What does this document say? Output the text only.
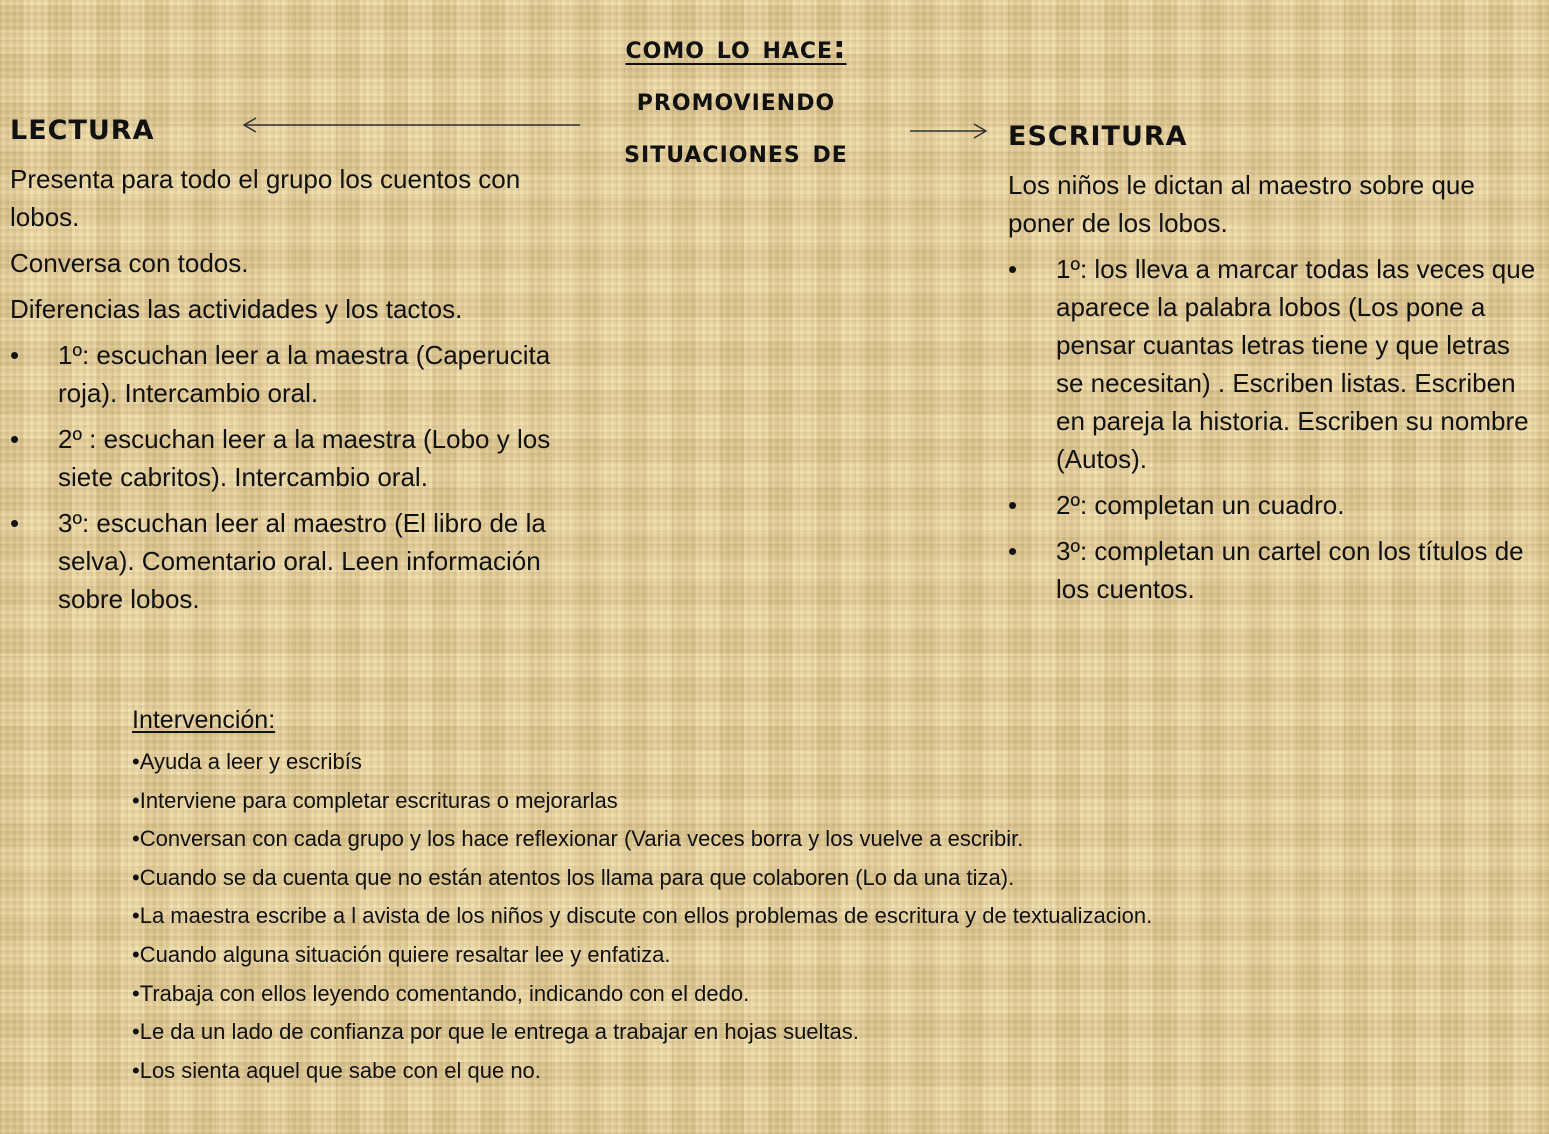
como lo hace:
promoviendo
situaciones de
lectura

Presenta para todo el grupo los cuentos con lobos.

Conversa con todos.

Diferencias las actividades y los tactos.

• 1º: escuchan leer a la maestra (Caperucita roja). Intercambio oral.
• 2º : escuchan leer a la maestra (Lobo y los siete cabritos). Intercambio oral.
• 3º: escuchan leer al maestro (El libro de la selva). Comentario oral. Leen información sobre lobos.
escritura

Los niños le dictan al maestro sobre que poner de los lobos.

• 1º: los lleva a marcar todas las veces que aparece la palabra lobos (Los pone a pensar cuantas letras tiene y que letras se necesitan) . Escriben listas. Escriben en pareja la historia. Escriben su nombre (Autos).
• 2º: completan un cuadro.
• 3º: completan un cartel con los títulos de los cuentos.
Intervención:
•Ayuda a leer y escribís
•Interviene para completar escrituras o mejorarlas
•Conversan con cada grupo y los hace reflexionar (Varia veces borra y los vuelve a escribir.
•Cuando se da cuenta que no están atentos los llama para que colaboren (Lo da una tiza).
•La maestra escribe a l avista de los niños y discute con ellos problemas de escritura y de textualizacion.
•Cuando alguna situación quiere resaltar lee y enfatiza.
•Trabaja con ellos leyendo comentando, indicando con el dedo.
•Le da un lado de confianza por que le entrega a trabajar en hojas sueltas.
•Los sienta aquel que sabe con el que no.
